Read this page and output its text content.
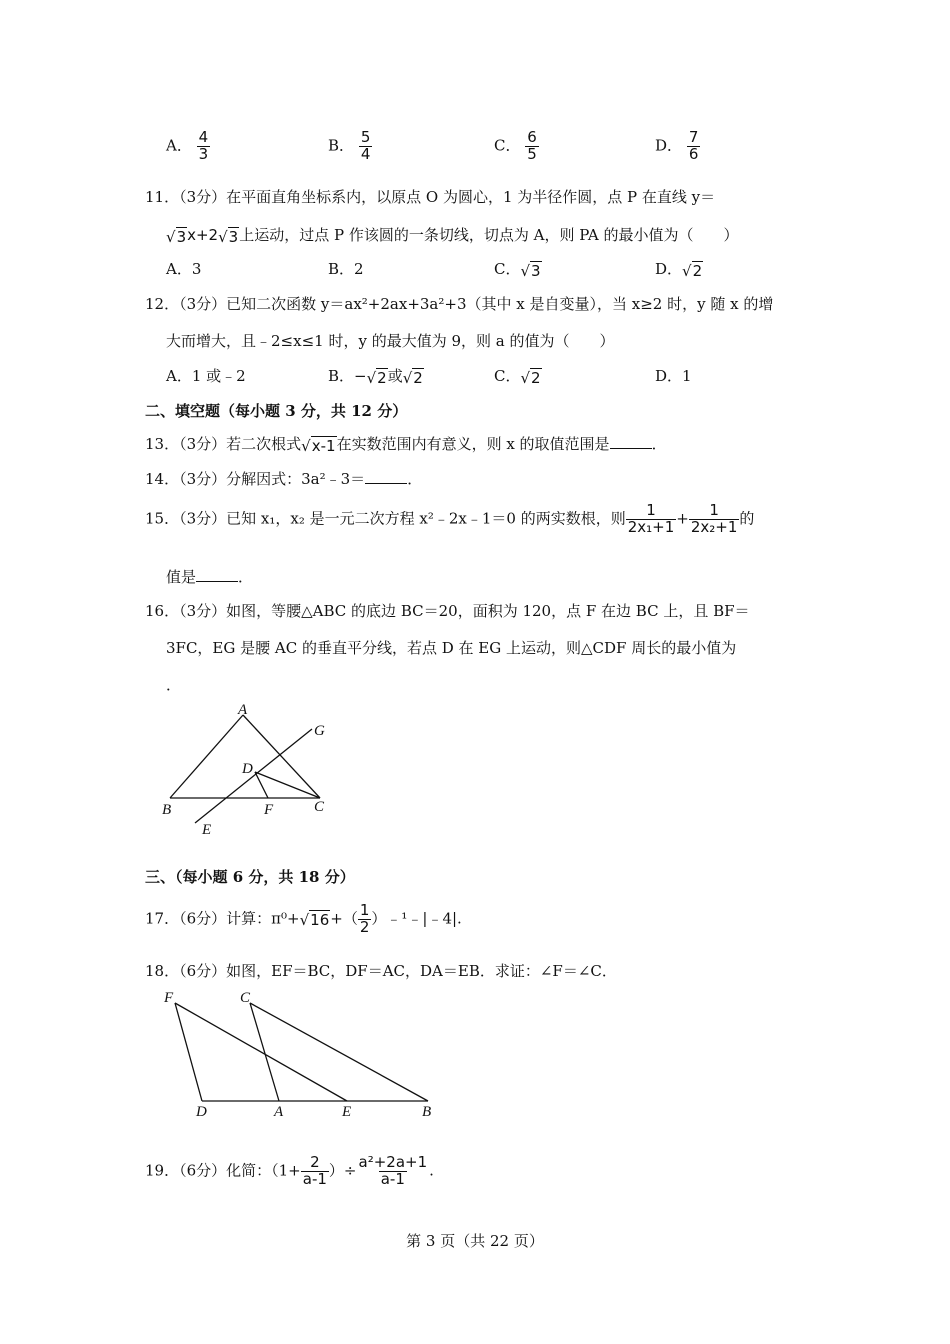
A． $\frac{4}{3}$	B． $\frac{5}{4}$	C． $\frac{6}{5}$	D． $\frac{7}{6}$
11．（3分）在平面直角坐标系内，以原点 O 为圆心，1 为半径作圆，点 P 在直线 y＝
√3x+2√3上运动，过点 P 作该圆的一条切线，切点为 A，则 PA 的最小值为（　　）
A．3	B．2	C．√3	D．√2
12．（3分）已知二次函数 y＝ax²+2ax+3a²+3（其中 x 是自变量），当 x≥2 时，y 随 x 的增
大而增大，且﹣2≤x≤1 时，y 的最大值为 9，则 a 的值为（　　）
A．1 或﹣2	B．−√2或√2	C．√2	D．1
二、填空题（每小题 3 分，共 12 分）
13．（3分）若二次根式√x-1在实数范围内有意义，则 x 的取值范围是	．
14．（3分）分解因式：3a²﹣3＝	．
15．（3分）已知 x₁，x₂ 是一元二次方程 x²﹣2x﹣1＝0 的两实数根，则 $\frac{1}{\text{2x₁+1}} + \frac{1}{\text{2x₂+1}}$ 的
值是	．
16．（3分）如图，等腰△ABC 的底边 BC＝20，面积为 120，点 F 在边 BC 上，且 BF＝
3FC，EG 是腰 AC 的垂直平分线，若点 D 在 EG 上运动，则△CDF 周长的最小值为
．
A
B	C
D
E
F
G
三、（每小题 6 分，共 18 分）
17．（6分）计算：$\pi^0+√16+( \frac{1}{2}$ ）﹣¹﹣|﹣4|.
18．（6分）如图，EF＝BC，DF＝AC，DA＝EB．求证：∠F＝∠C．
F	C
D	A	E	B
19．（6分）化简：（$1+ \frac{2}{a-1}$ ）÷ $\frac{\text{a²+2a+1}}{a-1}$ .
第 3 页（共 22 页）
